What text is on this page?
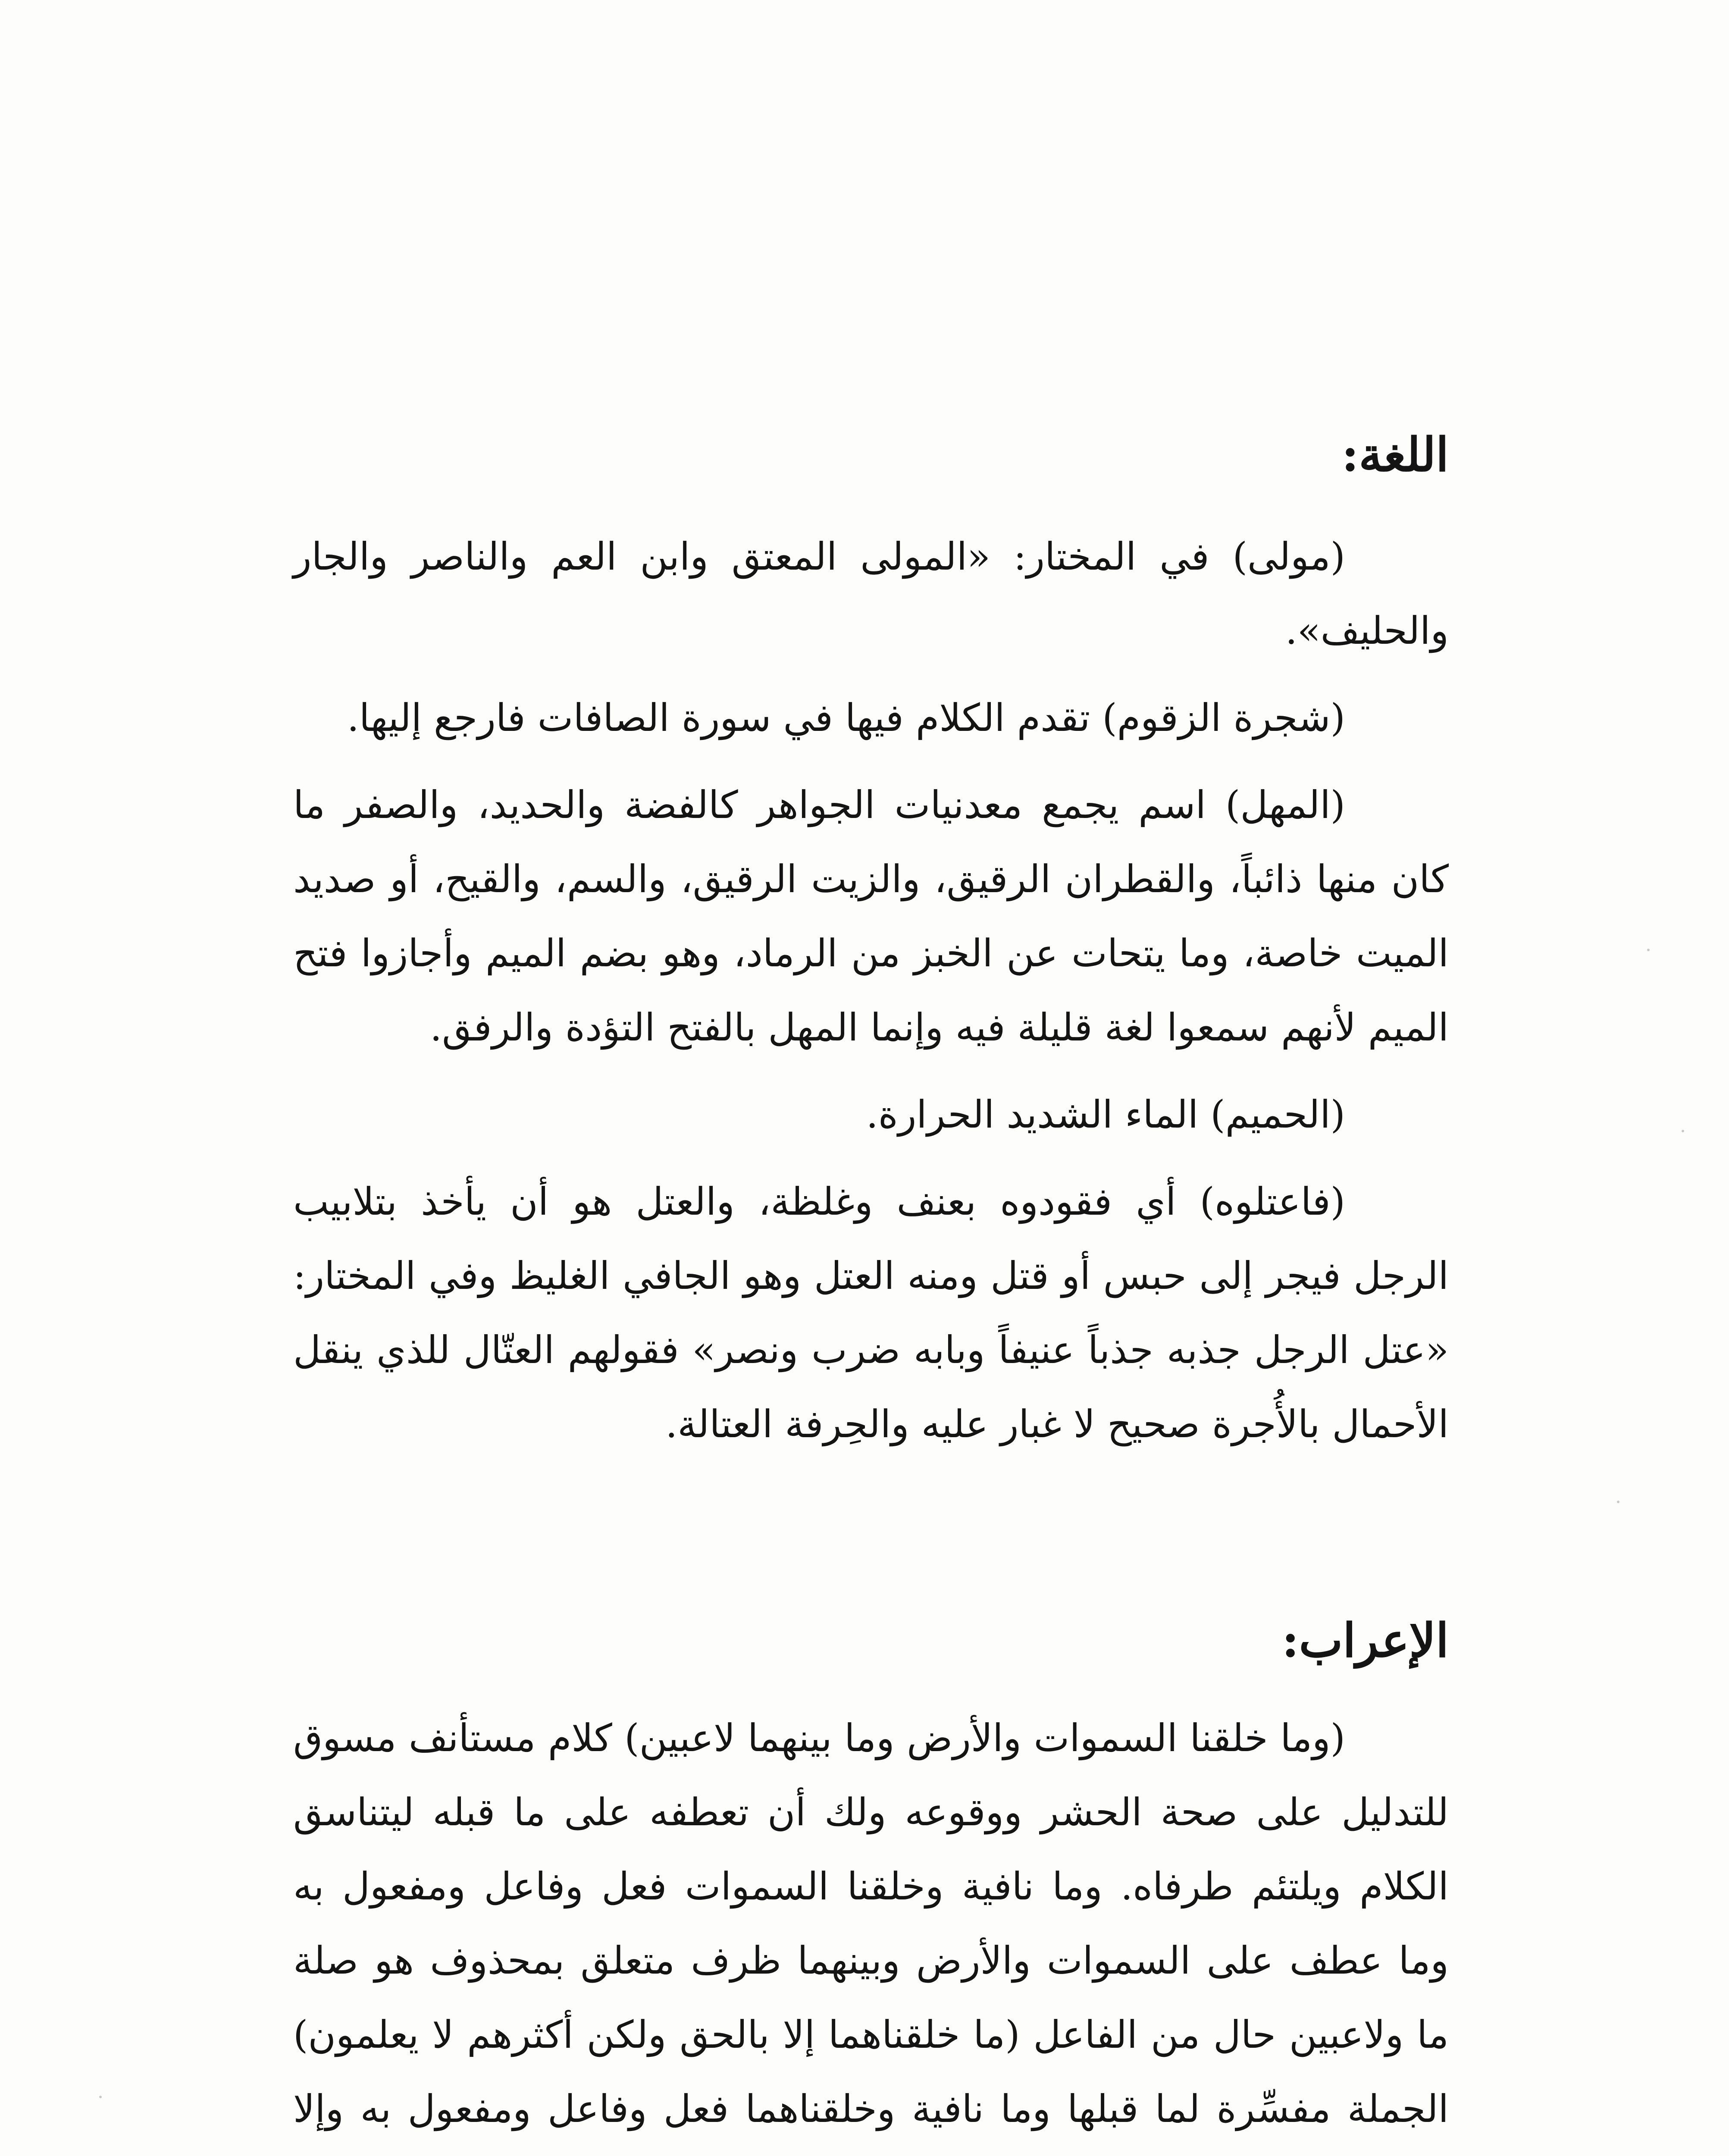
اللغة:

(مولى) في المختار: «المولى المعتق وابن العم والناصر والجار والحليف».

(شجرة الزقوم) تقدم الكلام فيها في سورة الصافات فارجع إليها.

(المهل) اسم يجمع معدنيات الجواهر كالفضة والحديد، والصفر ما كان منها ذائباً، والقطران الرقيق، والزيت الرقيق، والسم، والقيح، أو صديد الميت خاصة، وما يتحات عن الخبز من الرماد، وهو بضم الميم وأجازوا فتح الميم لأنهم سمعوا لغة قليلة فيه وإنما المهل بالفتح التؤدة والرفق.

(الحميم) الماء الشديد الحرارة.

(فاعتلوه) أي فقودوه بعنف وغلظة، والعتل هو أن يأخذ بتلابيب الرجل فيجر إلى حبس أو قتل ومنه العتل وهو الجافي الغليظ وفي المختار: «عتل الرجل جذبه جذباً عنيفاً وبابه ضرب ونصر» فقولهم العتّال للذي ينقل الأحمال بالأُجرة صحيح لا غبار عليه والحِرفة العتالة.

الإعراب:

(وما خلقنا السموات والأرض وما بينهما لاعبين) كلام مستأنف مسوق للتدليل على صحة الحشر ووقوعه ولك أن تعطفه على ما قبله ليتناسق الكلام ويلتئم طرفاه. وما نافية وخلقنا السموات فعل وفاعل ومفعول به وما عطف على السموات والأرض وبينهما ظرف متعلق بمحذوف هو صلة ما ولاعبين حال من الفاعل (ما خلقناهما إلا بالحق ولكن أكثرهم لا يعلمون) الجملة مفسِّرة لما قبلها وما نافية وخلقناهما فعل وفاعل ومفعول به وإلا
